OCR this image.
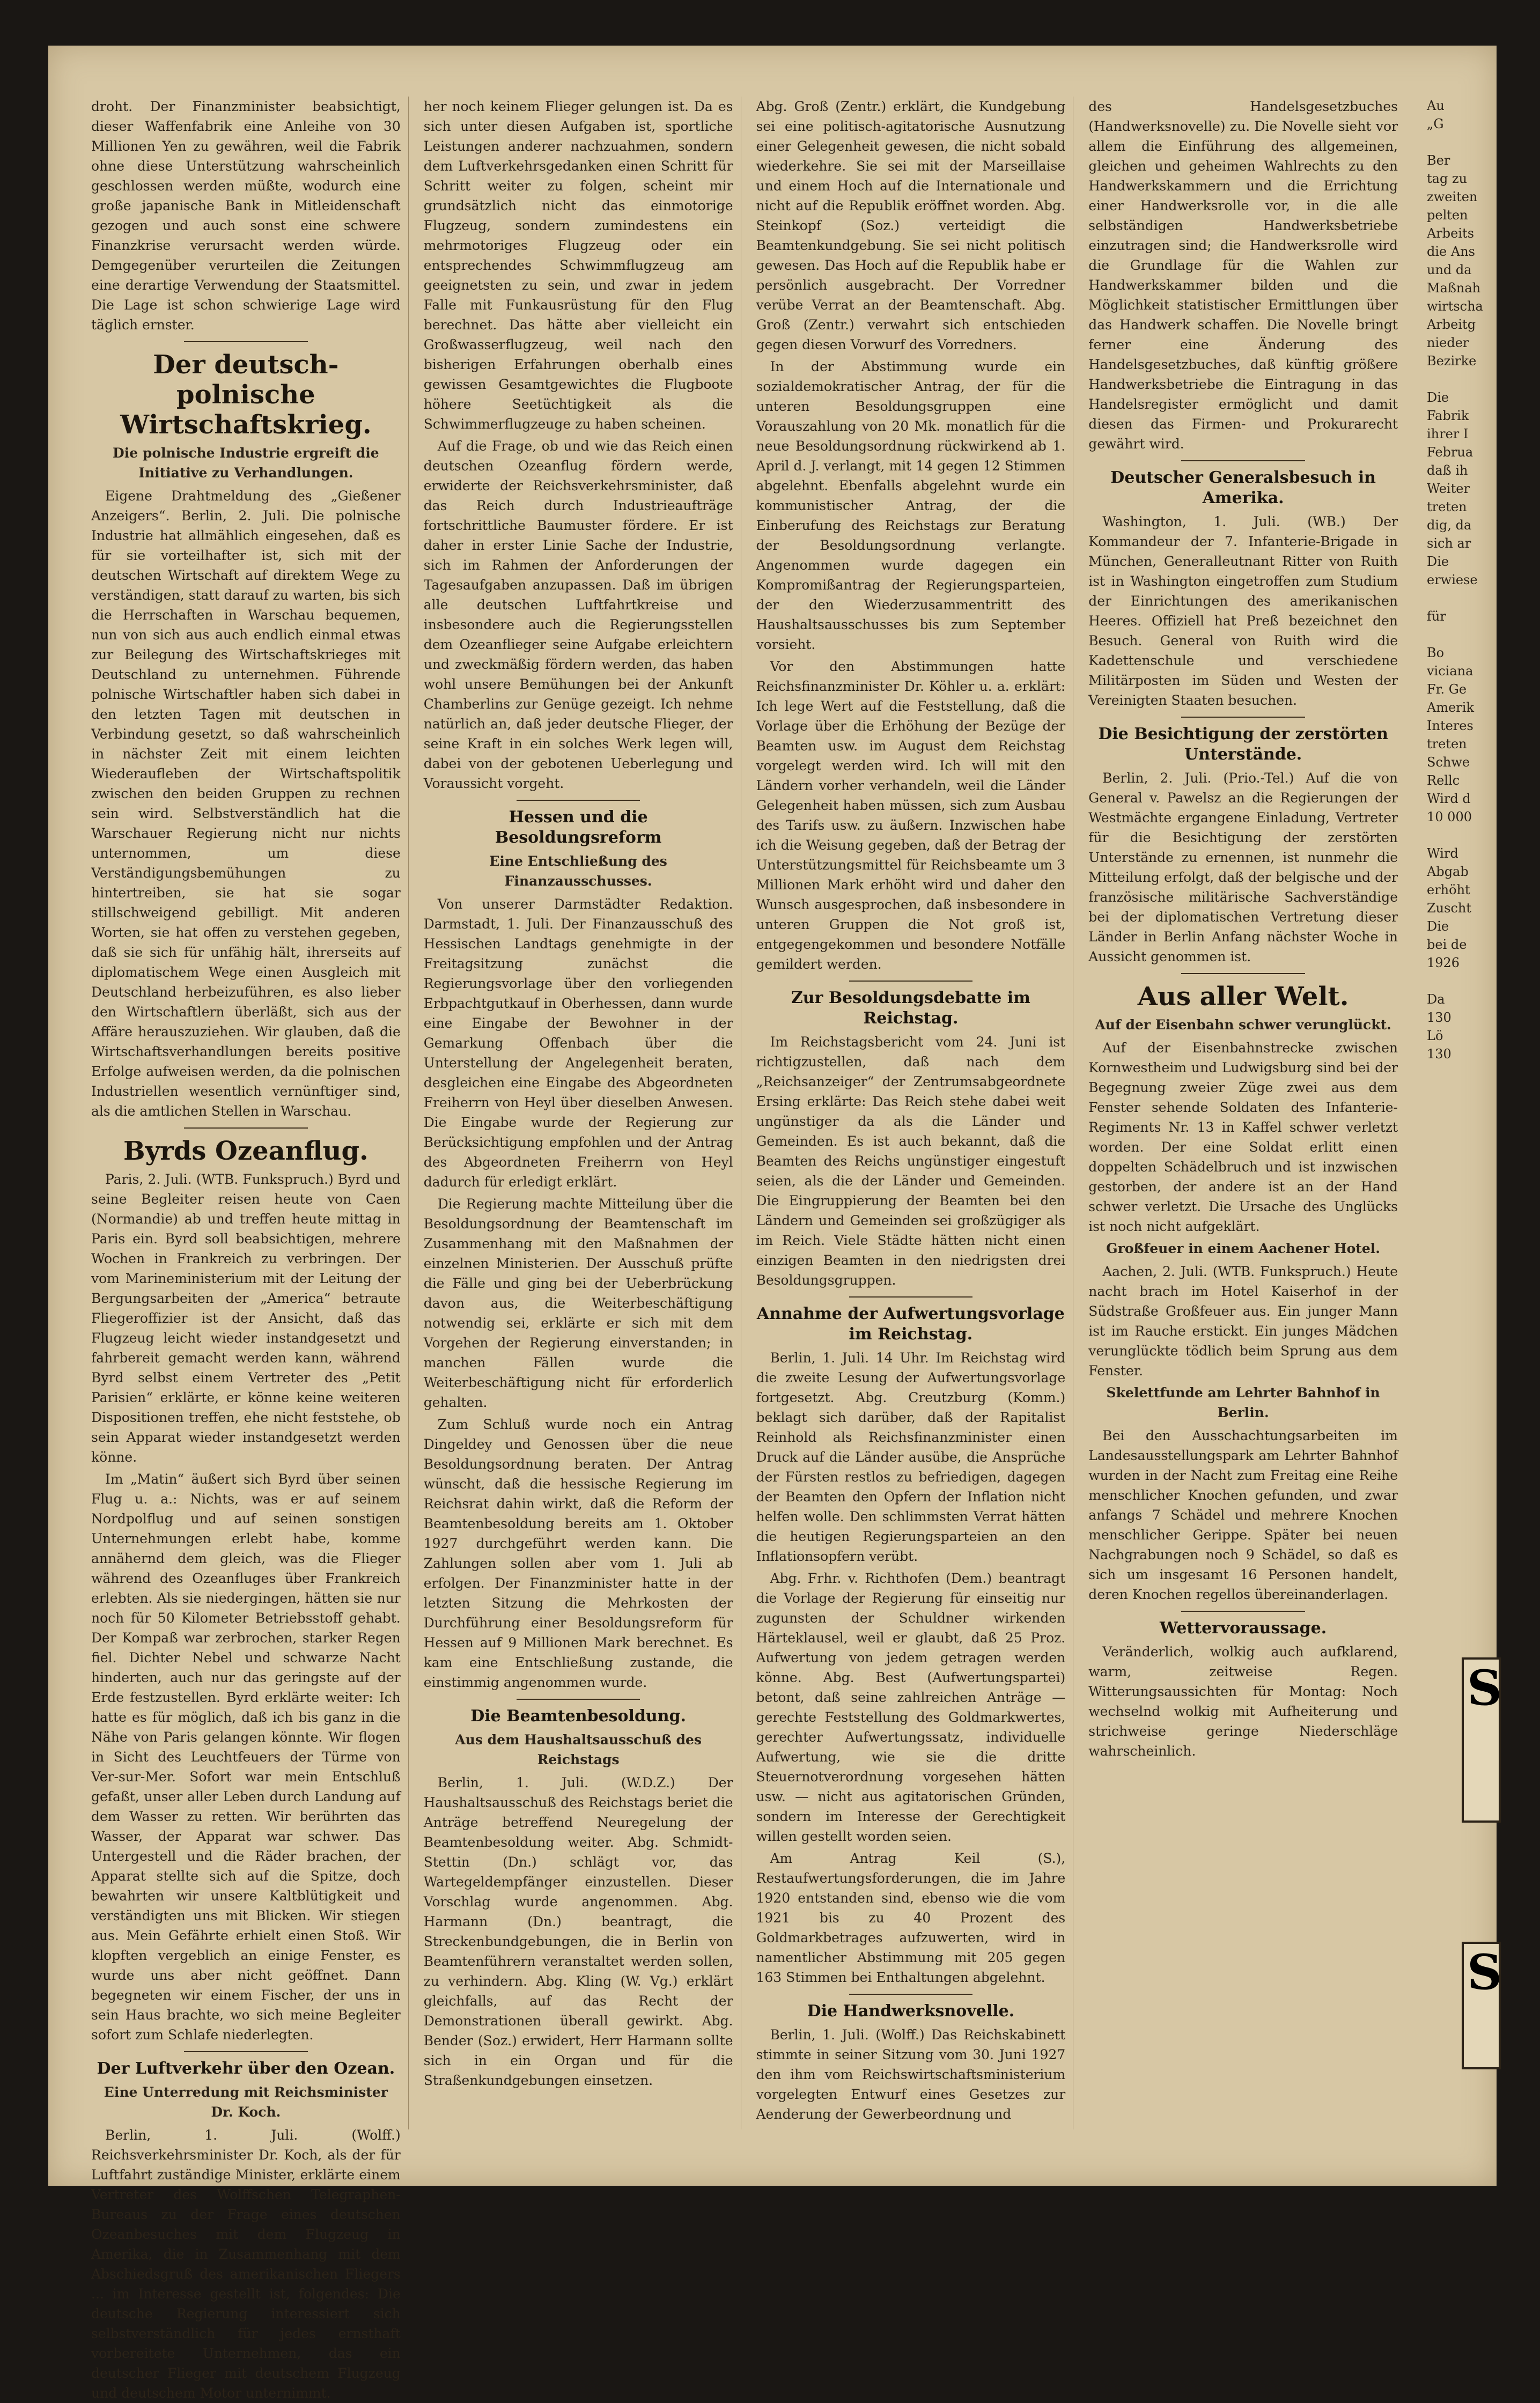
droht. Der Finanzminister beabsichtigt, dieser Waffenfabrik eine Anleihe von 30 Millionen Yen zu gewähren, weil die Fabrik ohne diese Unterstützung wahrscheinlich geschlossen werden müßte, wodurch eine große japanische Bank in Mitleidenschaft gezogen und auch sonst eine schwere Finanzkrise verursacht werden würde. Demgegenüber verurteilen die Zeitungen eine derartige Verwendung der Staatsmittel. Die Lage ist schon schwierige Lage wird täglich ernster.

Der deutsch-polnische Wirtschaftskrieg.

Die polnische Industrie ergreift die Initiative zu Verhandlungen.

Eigene Drahtmeldung des „Gießener Anzeigers“. Berlin, 2. Juli. Die polnische Industrie hat allmählich eingesehen, daß es für sie vorteilhafter ist, sich mit der deutschen Wirtschaft auf direktem Wege zu verständigen, statt darauf zu warten, bis sich die Herrschaften in Warschau bequemen, nun von sich aus auch endlich einmal etwas zur Beilegung des Wirtschaftskrieges mit Deutschland zu unternehmen. Führende polnische Wirtschaftler haben sich dabei in den letzten Tagen mit deutschen in Verbindung gesetzt, so daß wahrscheinlich in nächster Zeit mit einem leichten Wiederaufleben der Wirtschaftspolitik zwischen den beiden Gruppen zu rechnen sein wird. Selbstverständlich hat die Warschauer Regierung nicht nur nichts unternommen, um diese Verständigungsbemühungen zu hintertreiben, sie hat sie sogar stillschweigend gebilligt. Mit anderen Worten, sie hat offen zu verstehen gegeben, daß sie sich für unfähig hält, ihrerseits auf diplomatischem Wege einen Ausgleich mit Deutschland herbeizuführen, es also lieber den Wirtschaftlern überläßt, sich aus der Affäre herauszuziehen. Wir glauben, daß die Wirtschaftsverhandlungen bereits positive Erfolge aufweisen werden, da die polnischen Industriellen wesentlich vernünftiger sind, als die amtlichen Stellen in Warschau.

Byrds Ozeanflug.

Paris, 2. Juli. (WTB. Funkspruch.) Byrd und seine Begleiter reisen heute von Caen (Normandie) ab und treffen heute mittag in Paris ein. Byrd soll beabsichtigen, mehrere Wochen in Frankreich zu verbringen. Der vom Marineministerium mit der Leitung der Bergungsarbeiten der „America“ betraute Fliegeroffizier ist der Ansicht, daß das Flugzeug leicht wieder instandgesetzt und fahrbereit gemacht werden kann, während Byrd selbst einem Vertreter des „Petit Parisien“ erklärte, er könne keine weiteren Dispositionen treffen, ehe nicht feststehe, ob sein Apparat wieder instandgesetzt werden könne.

Im „Matin“ äußert sich Byrd über seinen Flug u. a.: Nichts, was er auf seinem Nordpolflug und auf seinen sonstigen Unternehmungen erlebt habe, komme annähernd dem gleich, was die Flieger während des Ozeanfluges über Frankreich erlebten. Als sie niedergingen, hätten sie nur noch für 50 Kilometer Betriebsstoff gehabt. Der Kompaß war zerbrochen, starker Regen fiel. Dichter Nebel und schwarze Nacht hinderten, auch nur das geringste auf der Erde festzustellen. Byrd erklärte weiter: Ich hatte es für möglich, daß ich bis ganz in die Nähe von Paris gelangen könnte. Wir flogen in Sicht des Leuchtfeuers der Türme von Ver-sur-Mer. Sofort war mein Entschluß gefaßt, unser aller Leben durch Landung auf dem Wasser zu retten. Wir berührten das Wasser, der Apparat war schwer. Das Untergestell und die Räder brachen, der Apparat stellte sich auf die Spitze, doch bewahrten wir unsere Kaltblütigkeit und verständigten uns mit Blicken. Wir stiegen aus. Mein Gefährte erhielt einen Stoß. Wir klopften vergeblich an einige Fenster, es wurde uns aber nicht geöffnet. Dann begegneten wir einem Fischer, der uns in sein Haus brachte, wo sich meine Begleiter sofort zum Schlafe niederlegten.

Der Luftverkehr über den Ozean.

Eine Unterredung mit Reichsminister Dr. Koch.

Berlin, 1. Juli. (Wolff.) Reichsverkehrsminister Dr. Koch, als der für Luftfahrt zuständige Minister, erklärte einem Vertreter des Wolffschen Telegraphen-Bureaus zu der Frage eines deutschen Ozeanbesuches mit dem Flugzeug in Amerika, die in Zusammenhang mit dem Abschiedsgruß des amerikanischen Fliegers ... im Interesse gestellt ist, folgendes: Die deutsche Regierung interessiert sich selbstverständlich für jedes ernsthaft vorbereitete Unternehmen, das ein deutscher Flieger mit deutschem Flugzeug und deutschem Motor unternimmt.

her noch keinem Flieger gelungen ist. Da es sich unter diesen Aufgaben ist, sportliche Leistungen anderer nachzuahmen, sondern dem Luftverkehrsgedanken einen Schritt für Schritt weiter zu folgen, scheint mir grundsätzlich nicht das einmotorige Flugzeug, sondern zumindestens ein mehrmotoriges Flugzeug oder ein entsprechendes Schwimmflugzeug am geeignetsten zu sein, und zwar in jedem Falle mit Funkausrüstung für den Flug berechnet. Das hätte aber vielleicht ein Großwasserflugzeug, weil nach den bisherigen Erfahrungen oberhalb eines gewissen Gesamtgewichtes die Flugboote höhere Seetüchtigkeit als die Schwimmerflugzeuge zu haben scheinen.

Auf die Frage, ob und wie das Reich einen deutschen Ozeanflug fördern werde, erwiderte der Reichsverkehrsminister, daß das Reich durch Industrieaufträge fortschrittliche Baumuster fördere. Er ist daher in erster Linie Sache der Industrie, sich im Rahmen der Anforderungen der Tagesaufgaben anzupassen. Daß im übrigen alle deutschen Luftfahrtkreise und insbesondere auch die Regierungsstellen dem Ozeanflieger seine Aufgabe erleichtern und zweckmäßig fördern werden, das haben wohl unsere Bemühungen bei der Ankunft Chamberlins zur Genüge gezeigt. Ich nehme natürlich an, daß jeder deutsche Flieger, der seine Kraft in ein solches Werk legen will, dabei von der gebotenen Ueberlegung und Voraussicht vorgeht.

Hessen und die Besoldungsreform

Eine Entschließung des Finanzausschusses.

Von unserer Darmstädter Redaktion. Darmstadt, 1. Juli. Der Finanzausschuß des Hessischen Landtags genehmigte in der Freitagsitzung zunächst die Regierungsvorlage über den vorliegenden Erbpachtgutkauf in Oberhessen, dann wurde eine Eingabe der Bewohner in der Gemarkung Offenbach über die Unterstellung der Angelegenheit beraten, desgleichen eine Eingabe des Abgeordneten Freiherrn von Heyl über dieselben Anwesen. Die Eingabe wurde der Regierung zur Berücksichtigung empfohlen und der Antrag des Abgeordneten Freiherrn von Heyl dadurch für erledigt erklärt.

Die Regierung machte Mitteilung über die Besoldungsordnung der Beamtenschaft im Zusammenhang mit den Maßnahmen der einzelnen Ministerien. Der Ausschuß prüfte die Fälle und ging bei der Ueberbrückung davon aus, die Weiterbeschäftigung notwendig sei, erklärte er sich mit dem Vorgehen der Regierung einverstanden; in manchen Fällen wurde die Weiterbeschäftigung nicht für erforderlich gehalten.

Zum Schluß wurde noch ein Antrag Dingeldey und Genossen über die neue Besoldungsordnung beraten. Der Antrag wünscht, daß die hessische Regierung im Reichsrat dahin wirkt, daß die Reform der Beamtenbesoldung bereits am 1. Oktober 1927 durchgeführt werden kann. Die Zahlungen sollen aber vom 1. Juli ab erfolgen. Der Finanzminister hatte in der letzten Sitzung die Mehrkosten der Durchführung einer Besoldungsreform für Hessen auf 9 Millionen Mark berechnet. Es kam eine Entschließung zustande, die einstimmig angenommen wurde.

Die Beamtenbesoldung.

Aus dem Haushaltsausschuß des Reichstags

Berlin, 1. Juli. (W.D.Z.) Der Haushaltsausschuß des Reichstags beriet die Anträge betreffend Neuregelung der Beamtenbesoldung weiter. Abg. Schmidt-Stettin (Dn.) schlägt vor, das Wartegeldempfänger einzustellen. Dieser Vorschlag wurde angenommen. Abg. Harmann (Dn.) beantragt, die Streckenbundgebungen, die in Berlin von Beamtenführern veranstaltet werden sollen, zu verhindern. Abg. Kling (W. Vg.) erklärt gleichfalls, auf das Recht der Demonstrationen überall gewirkt. Abg. Bender (Soz.) erwidert, Herr Harmann sollte sich in ein Organ und für die Straßenkundgebungen einsetzen.

Abg. Groß (Zentr.) erklärt, die Kundgebung sei eine politisch-agitatorische Ausnutzung einer Gelegenheit gewesen, die nicht sobald wiederkehre. Sie sei mit der Marseillaise und einem Hoch auf die Internationale und nicht auf die Republik eröffnet worden. Abg. Steinkopf (Soz.) verteidigt die Beamtenkundgebung. Sie sei nicht politisch gewesen. Das Hoch auf die Republik habe er persönlich ausgebracht. Der Vorredner verübe Verrat an der Beamtenschaft. Abg. Groß (Zentr.) verwahrt sich entschieden gegen diesen Vorwurf des Vorredners.

In der Abstimmung wurde ein sozialdemokratischer Antrag, der für die unteren Besoldungsgruppen eine Vorauszahlung von 20 Mk. monatlich für die neue Besoldungsordnung rückwirkend ab 1. April d. J. verlangt, mit 14 gegen 12 Stimmen abgelehnt. Ebenfalls abgelehnt wurde ein kommunistischer Antrag, der die Einberufung des Reichstags zur Beratung der Besoldungsordnung verlangte. Angenommen wurde dagegen ein Kompromißantrag der Regierungsparteien, der den Wiederzusammentritt des Haushaltsausschusses bis zum September vorsieht.

Vor den Abstimmungen hatte Reichsfinanzminister Dr. Köhler u. a. erklärt: Ich lege Wert auf die Feststellung, daß die Vorlage über die Erhöhung der Bezüge der Beamten usw. im August dem Reichstag vorgelegt werden wird. Ich will mit den Ländern vorher verhandeln, weil die Länder Gelegenheit haben müssen, sich zum Ausbau des Tarifs usw. zu äußern. Inzwischen habe ich die Weisung gegeben, daß der Betrag der Unterstützungsmittel für Reichsbeamte um 3 Millionen Mark erhöht wird und daher den Wunsch ausgesprochen, daß insbesondere in unteren Gruppen die Not groß ist, entgegengekommen und besondere Notfälle gemildert werden.

Zur Besoldungsdebatte im Reichstag.

Im Reichstagsbericht vom 24. Juni ist richtigzustellen, daß nach dem „Reichsanzeiger“ der Zentrumsabgeordnete Ersing erklärte: Das Reich stehe dabei weit ungünstiger da als die Länder und Gemeinden. Es ist auch bekannt, daß die Beamten des Reichs ungünstiger eingestuft seien, als die der Länder und Gemeinden. Die Eingruppierung der Beamten bei den Ländern und Gemeinden sei großzügiger als im Reich. Viele Städte hätten nicht einen einzigen Beamten in den niedrigsten drei Besoldungsgruppen.

Annahme der Aufwertungsvorlage im Reichstag.

Berlin, 1. Juli. 14 Uhr. Im Reichstag wird die zweite Lesung der Aufwertungsvorlage fortgesetzt. Abg. Creutzburg (Komm.) beklagt sich darüber, daß der Rapitalist Reinhold als Reichsfinanzminister einen Druck auf die Länder ausübe, die Ansprüche der Fürsten restlos zu befriedigen, dagegen der Beamten den Opfern der Inflation nicht helfen wolle. Den schlimmsten Verrat hätten die heutigen Regierungsparteien an den Inflationsopfern verübt.

Abg. Frhr. v. Richthofen (Dem.) beantragt die Vorlage der Regierung für einseitig nur zugunsten der Schuldner wirkenden Härteklausel, weil er glaubt, daß 25 Proz. Aufwertung von jedem getragen werden könne. Abg. Best (Aufwertungspartei) betont, daß seine zahlreichen Anträge — gerechte Feststellung des Goldmarkwertes, gerechter Aufwertungssatz, individuelle Aufwertung, wie sie die dritte Steuernotverordnung vorgesehen hätten usw. — nicht aus agitatorischen Gründen, sondern im Interesse der Gerechtigkeit willen gestellt worden seien.

Am Antrag Keil (S.), Restaufwertungsforderungen, die im Jahre 1920 entstanden sind, ebenso wie die vom 1921 bis zu 40 Prozent des Goldmarkbetrages aufzuwerten, wird in namentlicher Abstimmung mit 205 gegen 163 Stimmen bei Enthaltungen abgelehnt.

Die Handwerksnovelle.

Berlin, 1. Juli. (Wolff.) Das Reichskabinett stimmte in seiner Sitzung vom 30. Juni 1927 den ihm vom Reichswirtschaftsministerium vorgelegten Entwurf eines Gesetzes zur Aenderung der Gewerbeordnung und

des Handelsgesetzbuches (Handwerksnovelle) zu. Die Novelle sieht vor allem die Einführung des allgemeinen, gleichen und geheimen Wahlrechts zu den Handwerkskammern und die Errichtung einer Handwerksrolle vor, in die alle selbständigen Handwerksbetriebe einzutragen sind; die Handwerksrolle wird die Grundlage für die Wahlen zur Handwerkskammer bilden und die Möglichkeit statistischer Ermittlungen über das Handwerk schaffen. Die Novelle bringt ferner eine Änderung des Handelsgesetzbuches, daß künftig größere Handwerksbetriebe die Eintragung in das Handelsregister ermöglicht und damit diesen das Firmen- und Prokurarecht gewährt wird.

Deutscher Generalsbesuch in Amerika.

Washington, 1. Juli. (WB.) Der Kommandeur der 7. Infanterie-Brigade in München, Generalleutnant Ritter von Ruith ist in Washington eingetroffen zum Studium der Einrichtungen des amerikanischen Heeres. Offiziell hat Preß bezeichnet den Besuch. General von Ruith wird die Kadettenschule und verschiedene Militärposten im Süden und Westen der Vereinigten Staaten besuchen.

Die Besichtigung der zerstörten Unterstände.

Berlin, 2. Juli. (Prio.-Tel.) Auf die von General v. Pawelsz an die Regierungen der Westmächte ergangene Einladung, Vertreter für die Besichtigung der zerstörten Unterstände zu ernennen, ist nunmehr die Mitteilung erfolgt, daß der belgische und der französische militärische Sachverständige bei der diplomatischen Vertretung dieser Länder in Berlin Anfang nächster Woche in Aussicht genommen ist.

Aus aller Welt.

Auf der Eisenbahn schwer verunglückt.

Auf der Eisenbahnstrecke zwischen Kornwestheim und Ludwigsburg sind bei der Begegnung zweier Züge zwei aus dem Fenster sehende Soldaten des Infanterie-Regiments Nr. 13 in Kaffel schwer verletzt worden. Der eine Soldat erlitt einen doppelten Schädelbruch und ist inzwischen gestorben, der andere ist an der Hand schwer verletzt. Die Ursache des Unglücks ist noch nicht aufgeklärt.

Großfeuer in einem Aachener Hotel.

Aachen, 2. Juli. (WTB. Funkspruch.) Heute nacht brach im Hotel Kaiserhof in der Südstraße Großfeuer aus. Ein junger Mann ist im Rauche erstickt. Ein junges Mädchen verunglückte tödlich beim Sprung aus dem Fenster.

Skelettfunde am Lehrter Bahnhof in Berlin.

Bei den Ausschachtungsarbeiten im Landesausstellungspark am Lehrter Bahnhof wurden in der Nacht zum Freitag eine Reihe menschlicher Knochen gefunden, und zwar anfangs 7 Schädel und mehrere Knochen menschlicher Gerippe. Später bei neuen Nachgrabungen noch 9 Schädel, so daß es sich um insgesamt 16 Personen handelt, deren Knochen regellos übereinanderlagen.

Wettervoraussage.

Veränderlich, wolkig auch aufklarend, warm, zeitweise Regen. Witterungsaussichten für Montag: Noch wechselnd wolkig mit Aufheiterung und strichweise geringe Niederschläge wahrscheinlich.

Au
„G

Ber
tag zu
zweiten
pelten
Arbeits
die Ans
und da
Maßnah
wirtscha
Arbeitg
nieder
Bezirke

Die
Fabrik
ihrer I
Februa
daß ih
Weiter
treten
dig, da
sich ar
Die
erwiese

für

Bo
viciana
Fr. Ge
Amerik
Interes
treten
Schwe
Rellc
Wird d
10 000

Wird
Abgab
erhöht
Zuscht
Die
bei de
1926

Da
130
Lö
130
S
S
